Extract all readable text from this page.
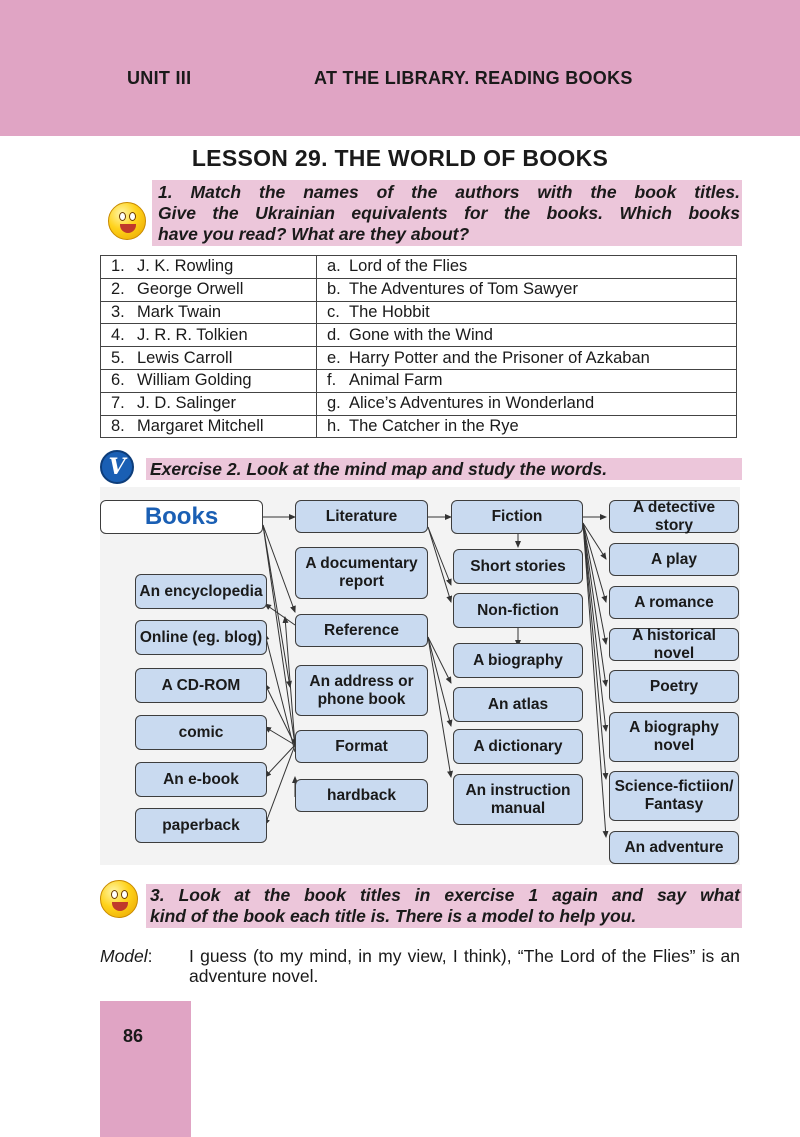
UNIT III	AT THE LIBRARY. READING BOOKS
LESSON 29. THE WORLD OF BOOKS
1. Match the names of the authors with the book titles.
Give the Ukrainian equivalents for the books. Which books
have you read? What are they about?
1. J. K. Rowling	a. Lord of the Flies
2. George Orwell	b. The Adventures of Tom Sawyer
3. Mark Twain	c. The Hobbit
4. J. R. R. Tolkien	d. Gone with the Wind
5. Lewis Carroll	e. Harry Potter and the Prisoner of Azkaban
6. William Golding	f. Animal Farm
7. J. D. Salinger	g. Alice’s Adventures in Wonderland
8. Margaret Mitchell	h. The Catcher in the Rye
V	Exercise 2. Look at the mind map and study the words.
Books	Literature	Fiction
A documentary report
Reference
An address or phone book
Format
hardback
An encyclopedia
Online (eg. blog)
A CD-ROM
comic
An e-book
paperback
Short stories
Non-fiction
A biography
An atlas
A dictionary
An instruction manual
A detective story
A play
A romance
A historical novel
Poetry
A biography novel
Science-fictiion/ Fantasy
An adventure
3. Look at the book titles in exercise 1 again and say what
kind of the book each title is. There is a model to help you.
Model: I guess (to my mind, in my view, I think), “The Lord of the Flies” is an adventure novel.
86
